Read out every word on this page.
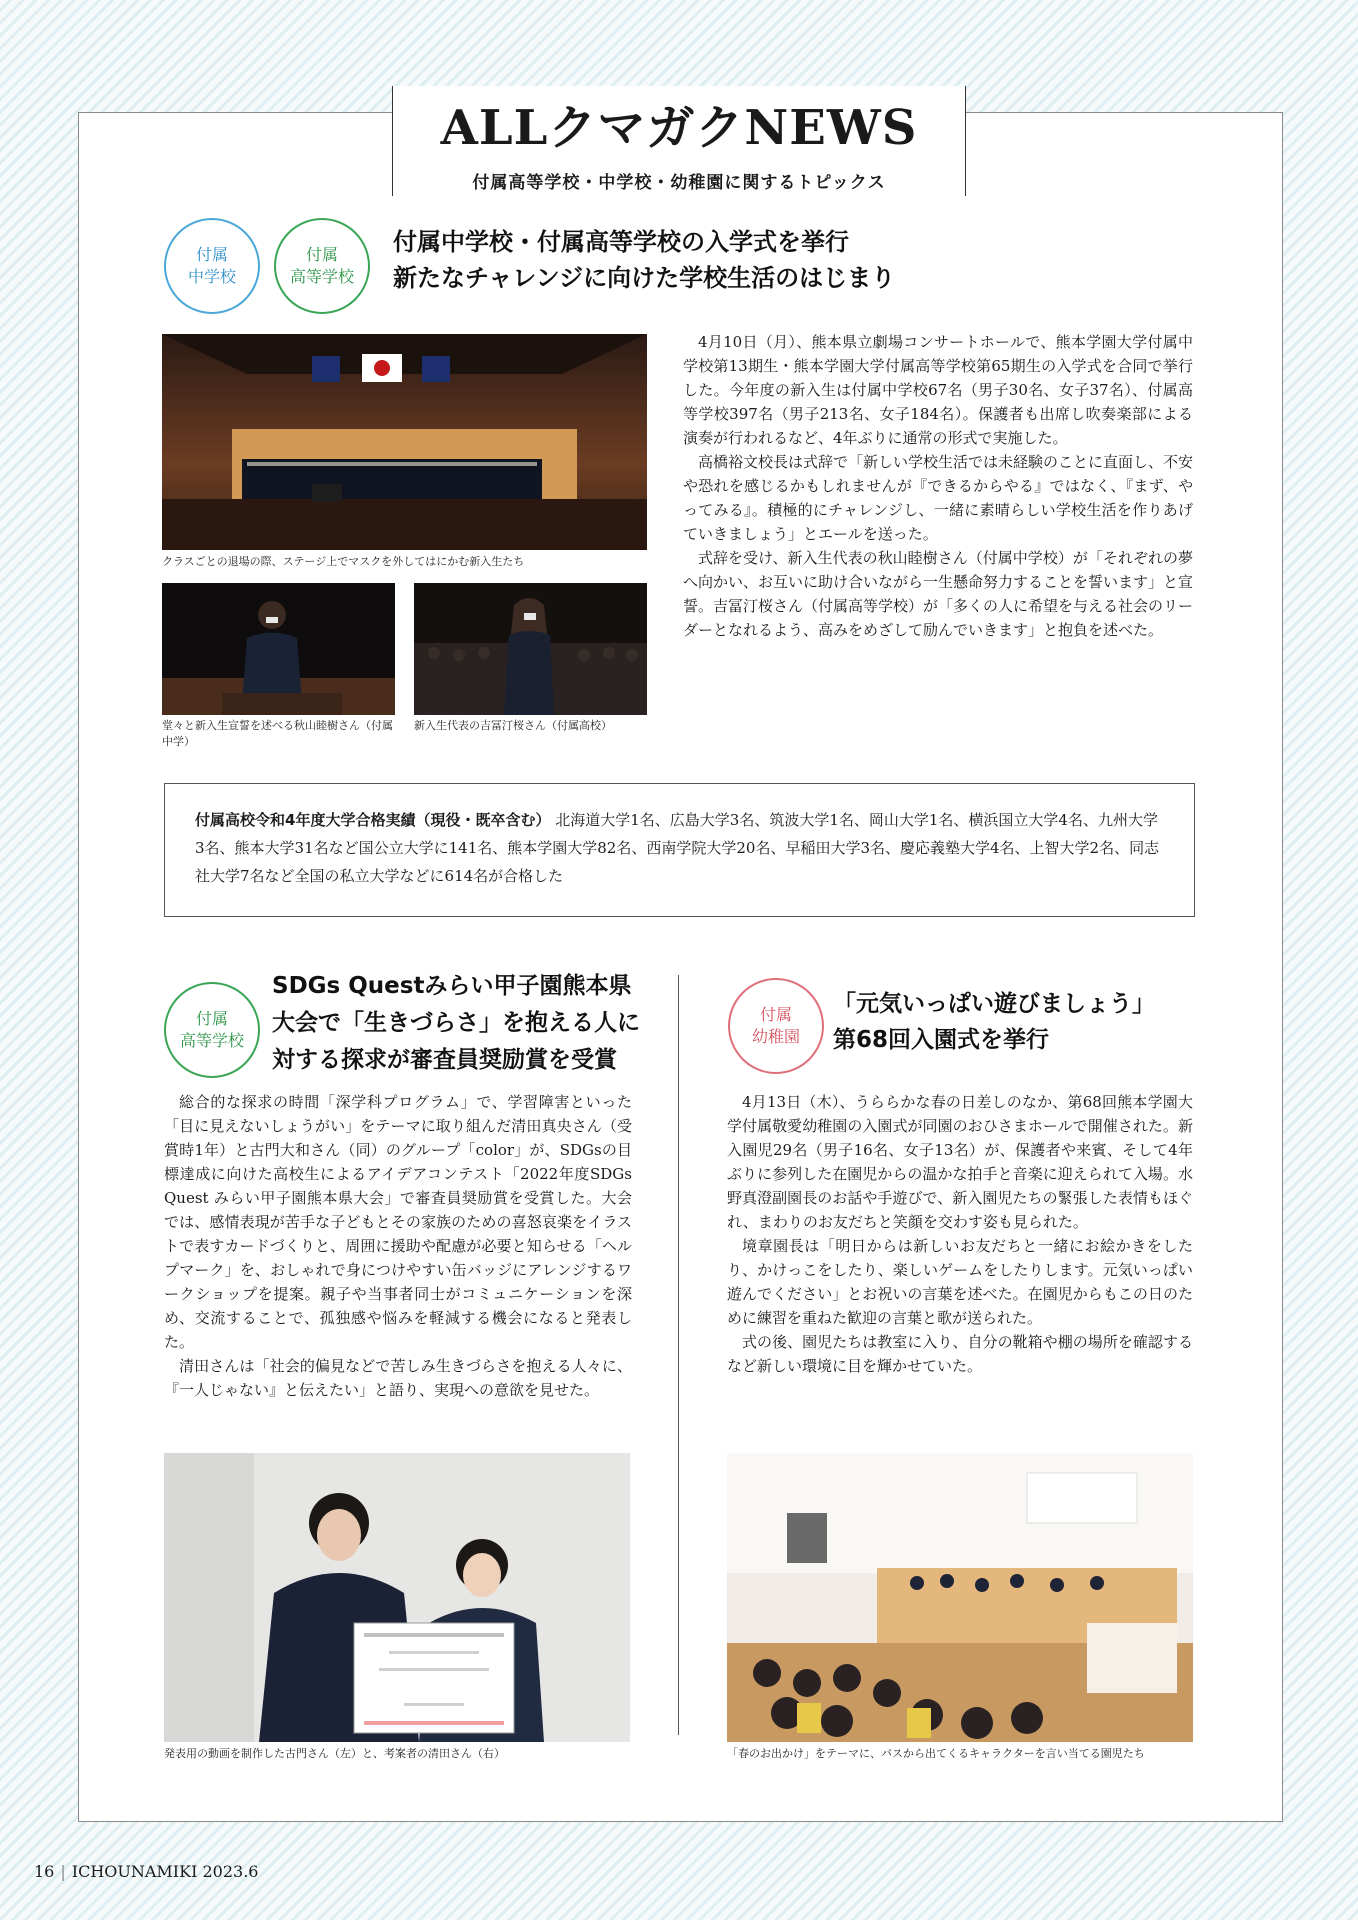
ALLクマガクNEWS
付属高等学校・中学校・幼稚園に関するトピックス
付属
中学校
付属
高等学校
付属中学校・付属高等学校の入学式を挙行
新たなチャレンジに向けた学校生活のはじまり
クラスごとの退場の際、ステージ上でマスクを外してはにかむ新入生たち
堂々と新入生宣誓を述べる秋山睦樹さん（付属中学）
新入生代表の吉冨汀桜さん（付属高校）

4月10日（月）、熊本県立劇場コンサートホールで、熊本学園大学付属中学校第13期生・熊本学園大学付属高等学校第65期生の入学式を合同で挙行した。今年度の新入生は付属中学校67名（男子30名、女子37名）、付属高等学校397名（男子213名、女子184名）。保護者も出席し吹奏楽部による演奏が行われるなど、4年ぶりに通常の形式で実施した。

高橋裕文校長は式辞で「新しい学校生活では未経験のことに直面し、不安や恐れを感じるかもしれませんが『できるからやる』ではなく、『まず、やってみる』。積極的にチャレンジし、一緒に素晴らしい学校生活を作りあげていきましょう」とエールを送った。

式辞を受け、新入生代表の秋山睦樹さん（付属中学校）が「それぞれの夢へ向かい、お互いに助け合いながら一生懸命努力することを誓います」と宣誓。吉冨汀桜さん（付属高等学校）が「多くの人に希望を与える社会のリーダーとなれるよう、高みをめざして励んでいきます」と抱負を述べた。

付属高校令和4年度大学合格実績（現役・既卒含む） 北海道大学1名、広島大学3名、筑波大学1名、岡山大学1名、横浜国立大学4名、九州大学3名、熊本大学31名など国公立大学に141名、熊本学園大学82名、西南学院大学20名、早稲田大学3名、慶応義塾大学4名、上智大学2名、同志社大学7名など全国の私立大学などに614名が合格した
付属
高等学校
SDGs Questみらい甲子園熊本県
大会で「生きづらさ」を抱える人に
対する探求が審査員奨励賞を受賞

総合的な探求の時間「深学科プログラム」で、学習障害といった「目に見えないしょうがい」をテーマに取り組んだ清田真央さん（受賞時1年）と古門大和さん（同）のグループ「color」が、SDGsの目標達成に向けた高校生によるアイデアコンテスト「2022年度SDGs Quest みらい甲子園熊本県大会」で審査員奨励賞を受賞した。大会では、感情表現が苦手な子どもとその家族のための喜怒哀楽をイラストで表すカードづくりと、周囲に援助や配慮が必要と知らせる「ヘルプマーク」を、おしゃれで身につけやすい缶バッジにアレンジするワークショップを提案。親子や当事者同士がコミュニケーションを深め、交流することで、孤独感や悩みを軽減する機会になると発表した。

清田さんは「社会的偏見などで苦しみ生きづらさを抱える人々に、『一人じゃない』と伝えたい」と語り、実現への意欲を見せた。

発表用の動画を制作した古門さん（左）と、考案者の清田さん（右）
付属
幼稚園
「元気いっぱい遊びましょう」
第68回入園式を挙行

4月13日（木）、うららかな春の日差しのなか、第68回熊本学園大学付属敬愛幼稚園の入園式が同園のおひさまホールで開催された。新入園児29名（男子16名、女子13名）が、保護者や来賓、そして4年ぶりに参列した在園児からの温かな拍手と音楽に迎えられて入場。水野真澄副園長のお話や手遊びで、新入園児たちの緊張した表情もほぐれ、まわりのお友だちと笑顔を交わす姿も見られた。

境章園長は「明日からは新しいお友だちと一緒にお絵かきをしたり、かけっこをしたり、楽しいゲームをしたりします。元気いっぱい遊んでください」とお祝いの言葉を述べた。在園児からもこの日のために練習を重ねた歓迎の言葉と歌が送られた。

式の後、園児たちは教室に入り、自分の靴箱や棚の場所を確認するなど新しい環境に目を輝かせていた。

「春のお出かけ」をテーマに、バスから出てくるキャラクターを言い当てる園児たち
16 | ICHOUNAMIKI 2023.6
